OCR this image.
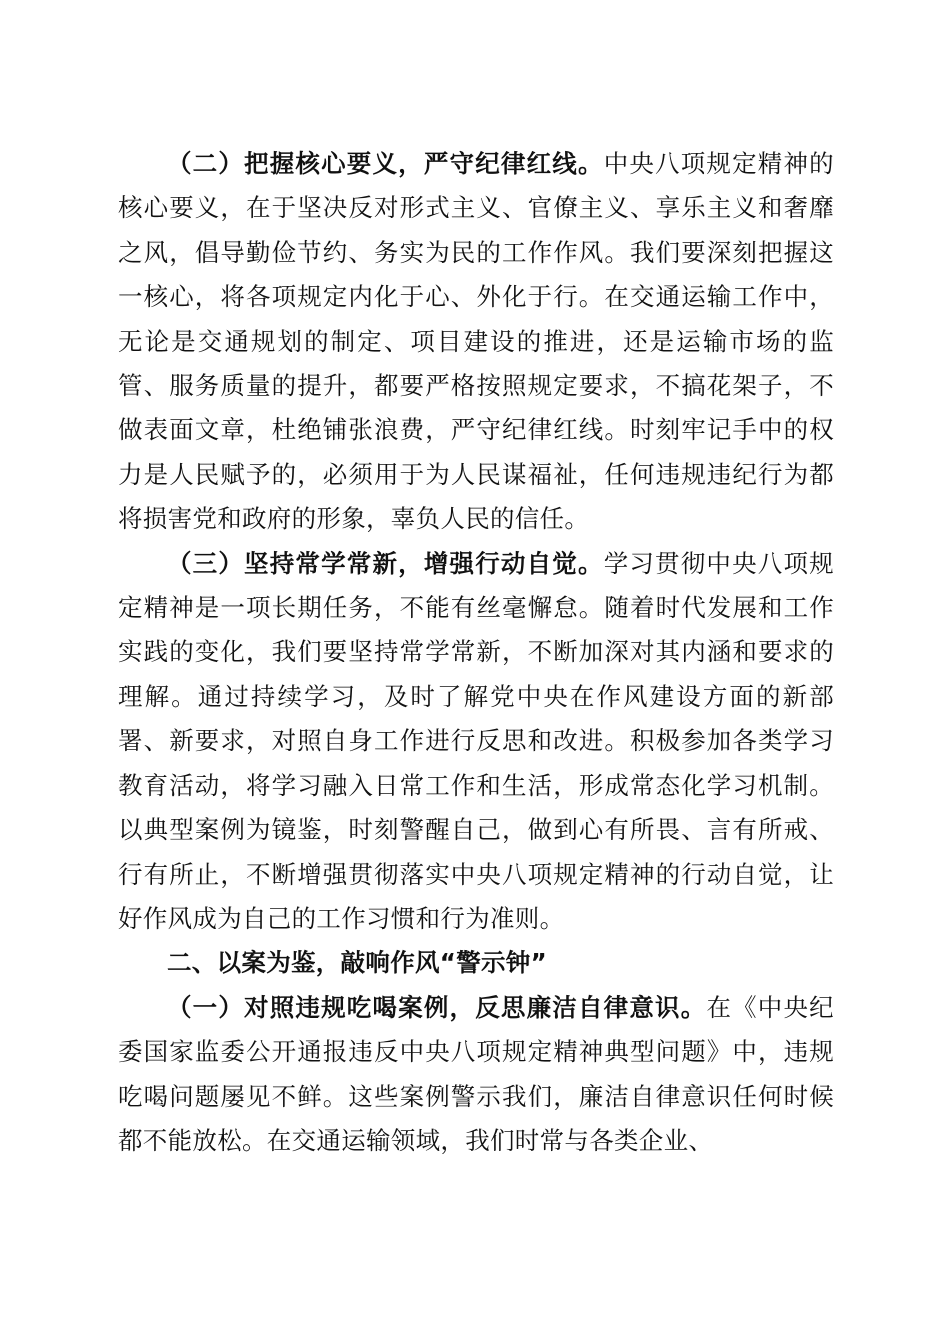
（二）把握核心要义，严守纪律红线。中央八项规定精神的核心要义，在于坚决反对形式主义、官僚主义、享乐主义和奢靡之风，倡导勤俭节约、务实为民的工作作风。我们要深刻把握这一核心，将各项规定内化于心、外化于行。在交通运输工作中，无论是交通规划的制定、项目建设的推进，还是运输市场的监管、服务质量的提升，都要严格按照规定要求，不搞花架子，不做表面文章，杜绝铺张浪费，严守纪律红线。时刻牢记手中的权力是人民赋予的，必须用于为人民谋福祉，任何违规违纪行为都将损害党和政府的形象，辜负人民的信任。

（三）坚持常学常新，增强行动自觉。学习贯彻中央八项规定精神是一项长期任务，不能有丝毫懈怠。随着时代发展和工作实践的变化，我们要坚持常学常新，不断加深对其内涵和要求的理解。通过持续学习，及时了解党中央在作风建设方面的新部署、新要求，对照自身工作进行反思和改进。积极参加各类学习教育活动，将学习融入日常工作和生活，形成常态化学习机制。以典型案例为镜鉴，时刻警醒自己，做到心有所畏、言有所戒、行有所止，不断增强贯彻落实中央八项规定精神的行动自觉，让好作风成为自己的工作习惯和行为准则。

二、以案为鉴，敲响作风“警示钟”

（一）对照违规吃喝案例，反思廉洁自律意识。在《中央纪委国家监委公开通报违反中央八项规定精神典型问题》中，违规吃喝问题屡见不鲜。这些案例警示我们，廉洁自律意识任何时候都不能放松。在交通运输领域，我们时常与各类企业、
